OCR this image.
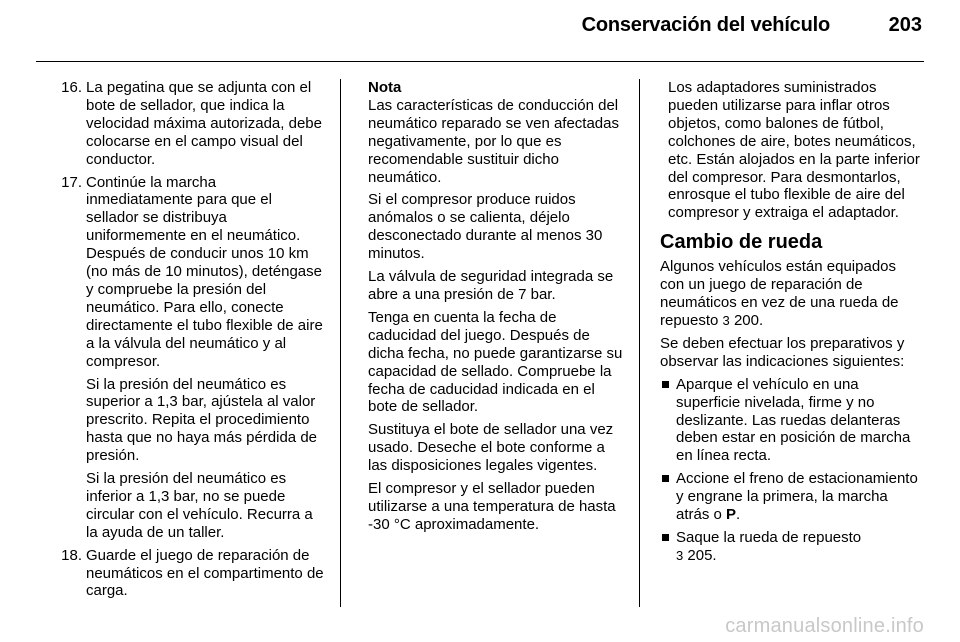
Conservación del vehículo	203
16. La pegatina que se adjunta con el bote de sellador, que indica la velocidad máxima autorizada, debe colocarse en el campo visual del conductor.

17. Continúe la marcha inmediatamente para que el sellador se distribuya uniformemente en el neumático. Después de conducir unos 10 km (no más de 10 minutos), deténgase y compruebe la presión del neumático. Para ello, conecte directamente el tubo flexible de aire a la válvula del neumático y al compresor.

Si la presión del neumático es superior a 1,3 bar, ajústela al valor prescrito. Repita el procedimiento hasta que no haya más pérdida de presión.

Si la presión del neumático es inferior a 1,3 bar, no se puede circular con el vehículo. Recurra a la ayuda de un taller.

18. Guarde el juego de reparación de neumáticos en el compartimento de carga.

Nota

Las características de conducción del neumático reparado se ven afectadas negativamente, por lo que es recomendable sustituir dicho neumático.

Si el compresor produce ruidos anómalos o se calienta, déjelo desconectado durante al menos 30 minutos.

La válvula de seguridad integrada se abre a una presión de 7 bar.

Tenga en cuenta la fecha de caducidad del juego. Después de dicha fecha, no puede garantizarse su capacidad de sellado. Compruebe la fecha de caducidad indicada en el bote de sellador.

Sustituya el bote de sellador una vez usado. Deseche el bote conforme a las disposiciones legales vigentes.

El compresor y el sellador pueden utilizarse a una temperatura de hasta -30 °C aproximadamente.

Los adaptadores suministrados pueden utilizarse para inflar otros objetos, como balones de fútbol, colchones de aire, botes neumáticos, etc. Están alojados en la parte inferior del compresor. Para desmontarlos, enrosque el tubo flexible de aire del compresor y extraiga el adaptador.

Cambio de rueda

Algunos vehículos están equipados con un juego de reparación de neumáticos en vez de una rueda de repuesto 3 200.

Se deben efectuar los preparativos y observar las indicaciones siguientes:

Aparque el vehículo en una superficie nivelada, firme y no deslizante. Las ruedas delanteras deben estar en posición de marcha en línea recta.
Accione el freno de estacionamiento y engrane la primera, la marcha atrás o P.
Saque la rueda de repuesto
3 205.
carmanualsonline.info
